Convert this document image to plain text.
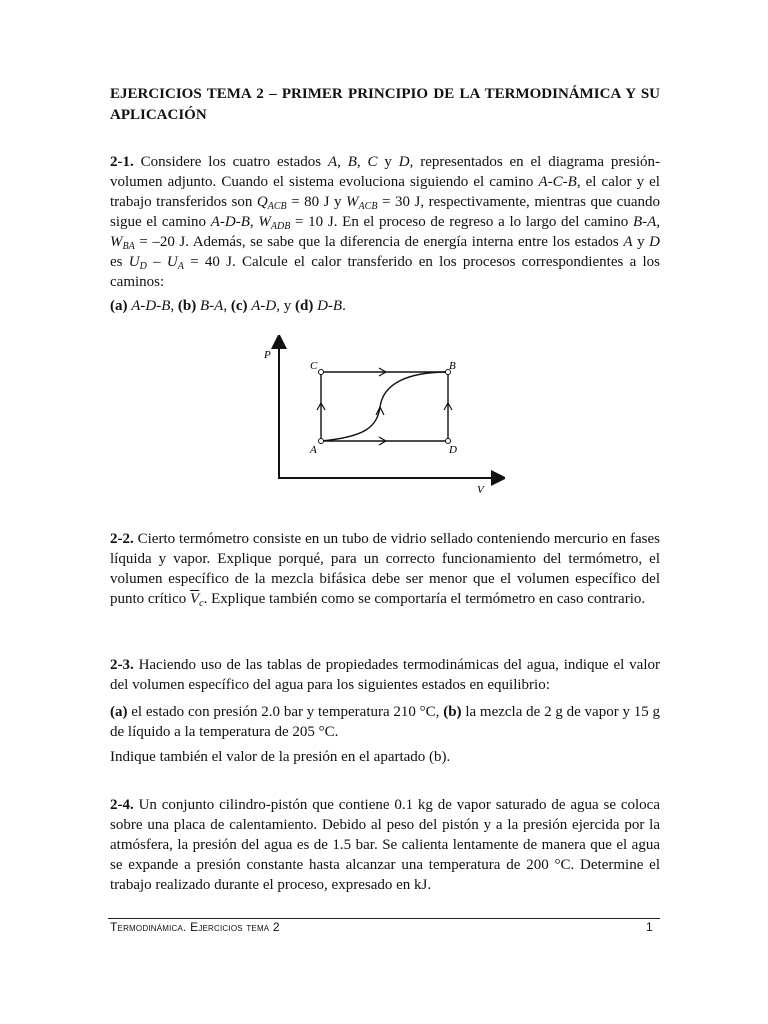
EJERCICIOS TEMA 2 – PRIMER PRINCIPIO DE LA TERMODINÁMICA Y SU APLICACIÓN
2-1. Considere los cuatro estados A, B, C y D, representados en el diagrama presión-volumen adjunto. Cuando el sistema evoluciona siguiendo el camino A-C-B, el calor y el trabajo transferidos son $Q_{ACB} = 80$ J y $W_{ACB} = 30$ J, respectivamente, mientras que cuando sigue el camino A-D-B, $W_{ADB} = 10$ J. En el proceso de regreso a lo largo del camino B-A, $W_{BA} = -20$ J. Además, se sabe que la diferencia de energía interna entre los estados A y D es $U_D - U_A = 40$ J. Calcule el calor transferido en los procesos correspondientes a los caminos:
(a) A-D-B, (b) B-A, (c) A-D, y (d) D-B.
P
V
C	B
A	D
2-2. Cierto termómetro consiste en un tubo de vidrio sellado conteniendo mercurio en fases líquida y vapor. Explique porqué, para un correcto funcionamiento del termómetro, el volumen específico de la mezcla bifásica debe ser menor que el volumen específico del punto crítico $\overline{V}_c$. Explique también como se comportaría el termómetro en caso contrario.
2-3. Haciendo uso de las tablas de propiedades termodinámicas del agua, indique el valor del volumen específico del agua para los siguientes estados en equilibrio:
(a) el estado con presión 2.0 bar y temperatura 210 °C, (b) la mezcla de 2 g de vapor y 15 g de líquido a la temperatura de 205 °C.
Indique también el valor de la presión en el apartado (b).
2-4. Un conjunto cilindro-pistón que contiene 0.1 kg de vapor saturado de agua se coloca sobre una placa de calentamiento. Debido al peso del pistón y a la presión ejercida por la atmósfera, la presión del agua es de 1.5 bar. Se calienta lentamente de manera que el agua se expande a presión constante hasta alcanzar una temperatura de 200 °C. Determine el trabajo realizado durante el proceso, expresado en kJ.
Termodinámica. Ejercicios tema 2	1
